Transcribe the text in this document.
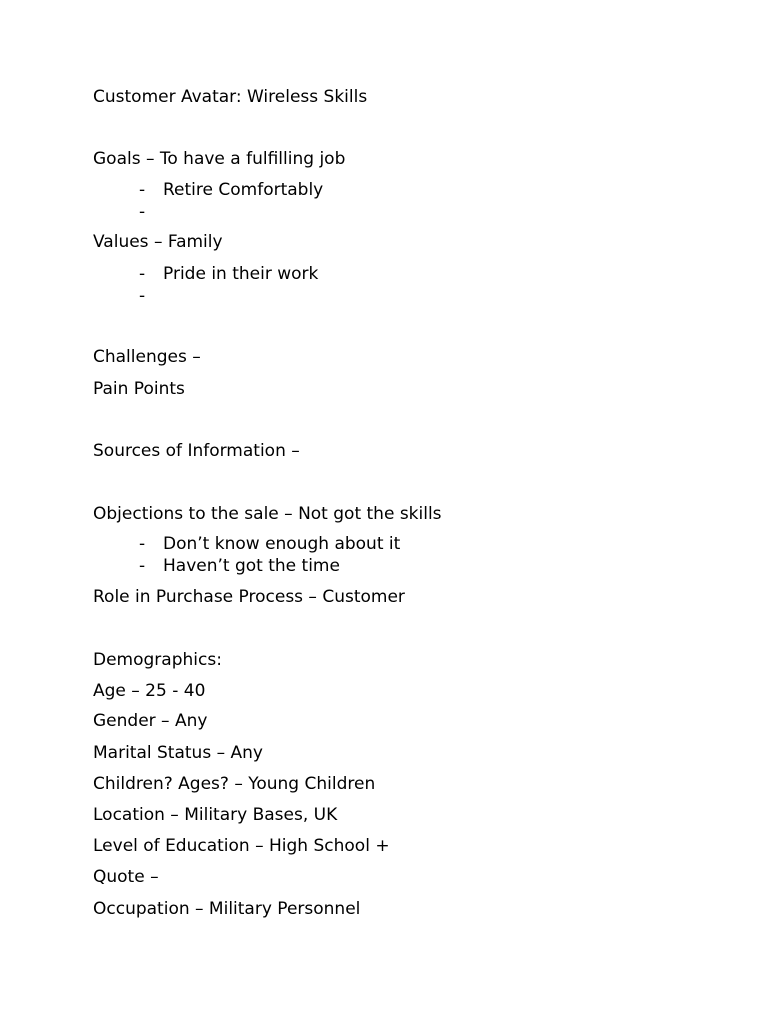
Customer Avatar: Wireless Skills
Goals – To have a fulfilling job
- Retire Comfortably
-
Values – Family
- Pride in their work
-
Challenges –
Pain Points
Sources of Information –
Objections to the sale – Not got the skills
- Don’t know enough about it
- Haven’t got the time
Role in Purchase Process – Customer
Demographics:
Age – 25 - 40
Gender – Any
Marital Status – Any
Children? Ages? – Young Children
Location – Military Bases, UK
Level of Education – High School +
Quote –
Occupation – Military Personnel
